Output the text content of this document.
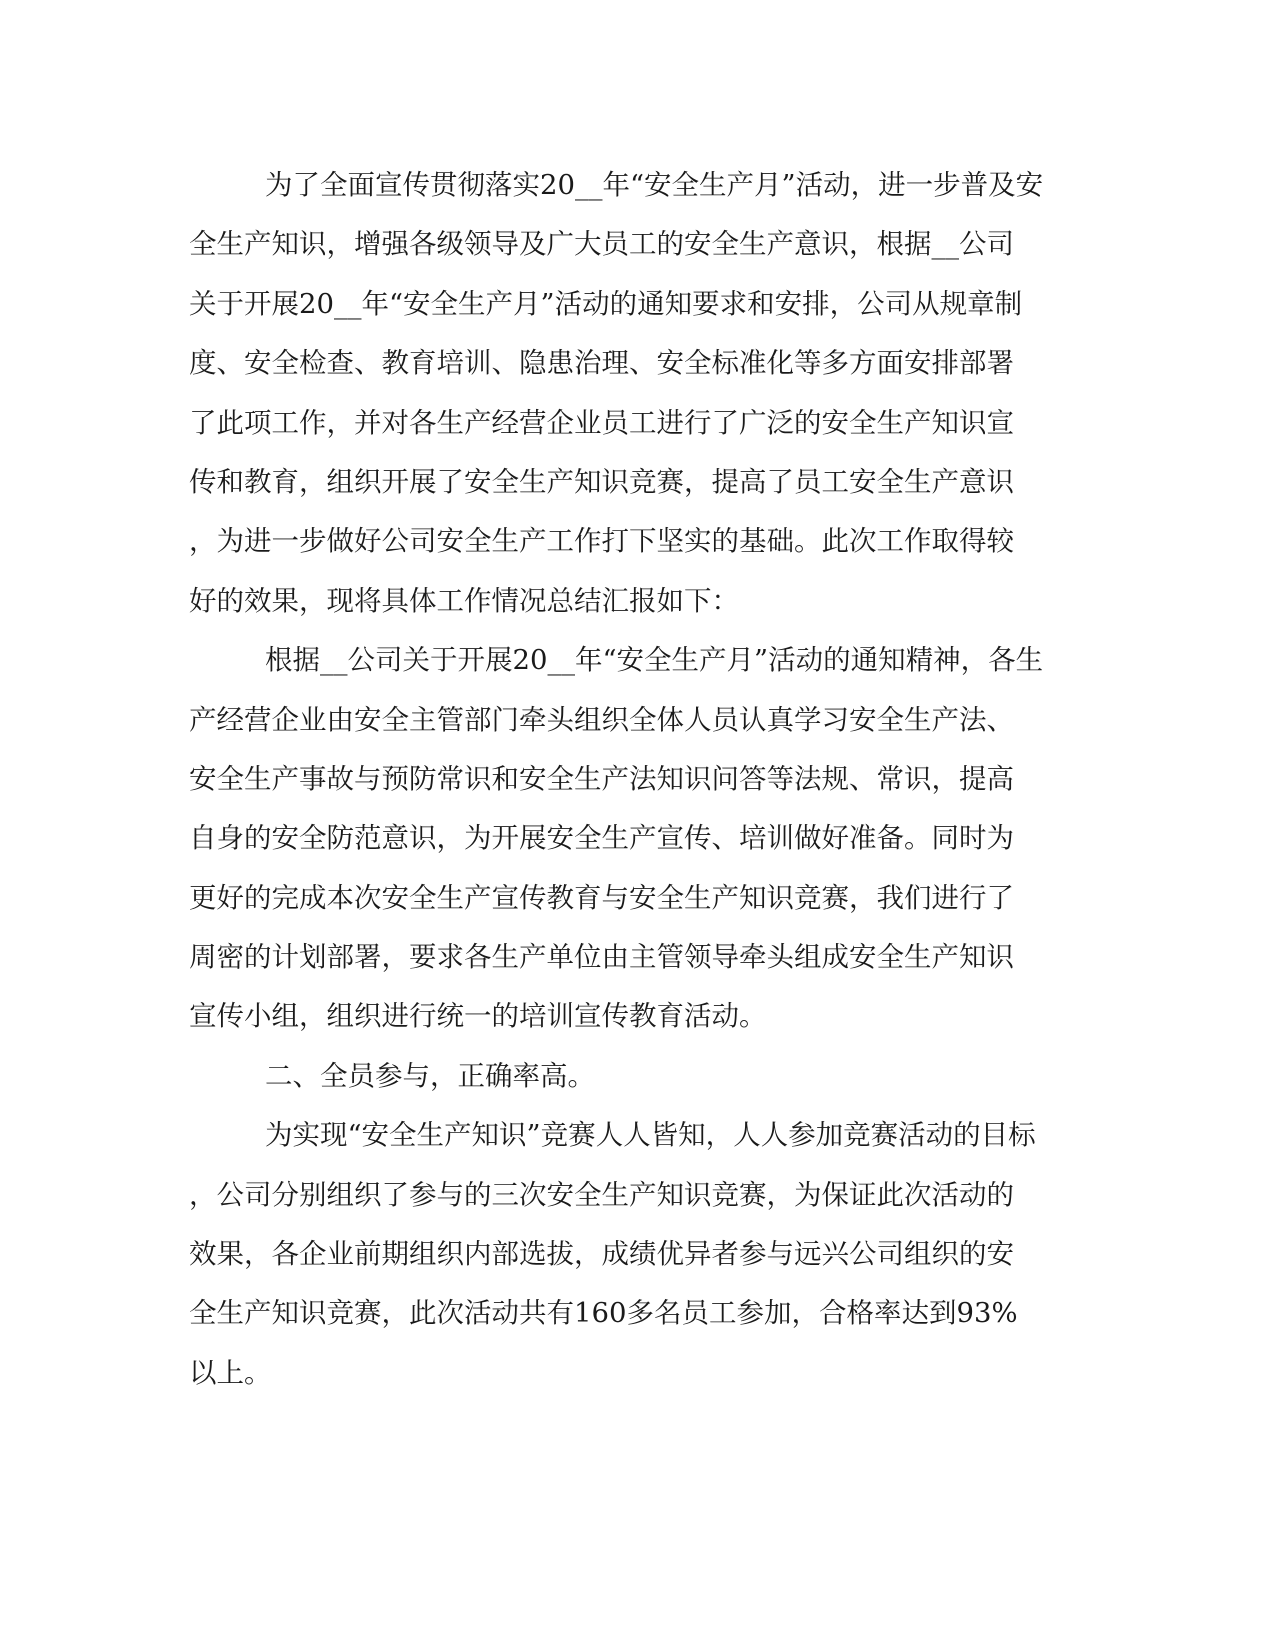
为了全面宣传贯彻落实20__年“安全生产月”活动，进一步普及安
全生产知识，增强各级领导及广大员工的安全生产意识，根据__公司
关于开展20__年“安全生产月”活动的通知要求和安排，公司从规章制
度、安全检查、教育培训、隐患治理、安全标准化等多方面安排部署
了此项工作，并对各生产经营企业员工进行了广泛的安全生产知识宣
传和教育，组织开展了安全生产知识竞赛，提高了员工安全生产意识
，为进一步做好公司安全生产工作打下坚实的基础。此次工作取得较
好的效果，现将具体工作情况总结汇报如下：
根据__公司关于开展20__年“安全生产月”活动的通知精神，各生
产经营企业由安全主管部门牵头组织全体人员认真学习安全生产法、
安全生产事故与预防常识和安全生产法知识问答等法规、常识，提高
自身的安全防范意识，为开展安全生产宣传、培训做好准备。同时为
更好的完成本次安全生产宣传教育与安全生产知识竞赛，我们进行了
周密的计划部署，要求各生产单位由主管领导牵头组成安全生产知识
宣传小组，组织进行统一的培训宣传教育活动。
二、全员参与，正确率高。
为实现“安全生产知识”竞赛人人皆知，人人参加竞赛活动的目标
，公司分别组织了参与的三次安全生产知识竞赛，为保证此次活动的
效果，各企业前期组织内部选拔，成绩优异者参与远兴公司组织的安
全生产知识竞赛，此次活动共有160多名员工参加，合格率达到93%
以上。
